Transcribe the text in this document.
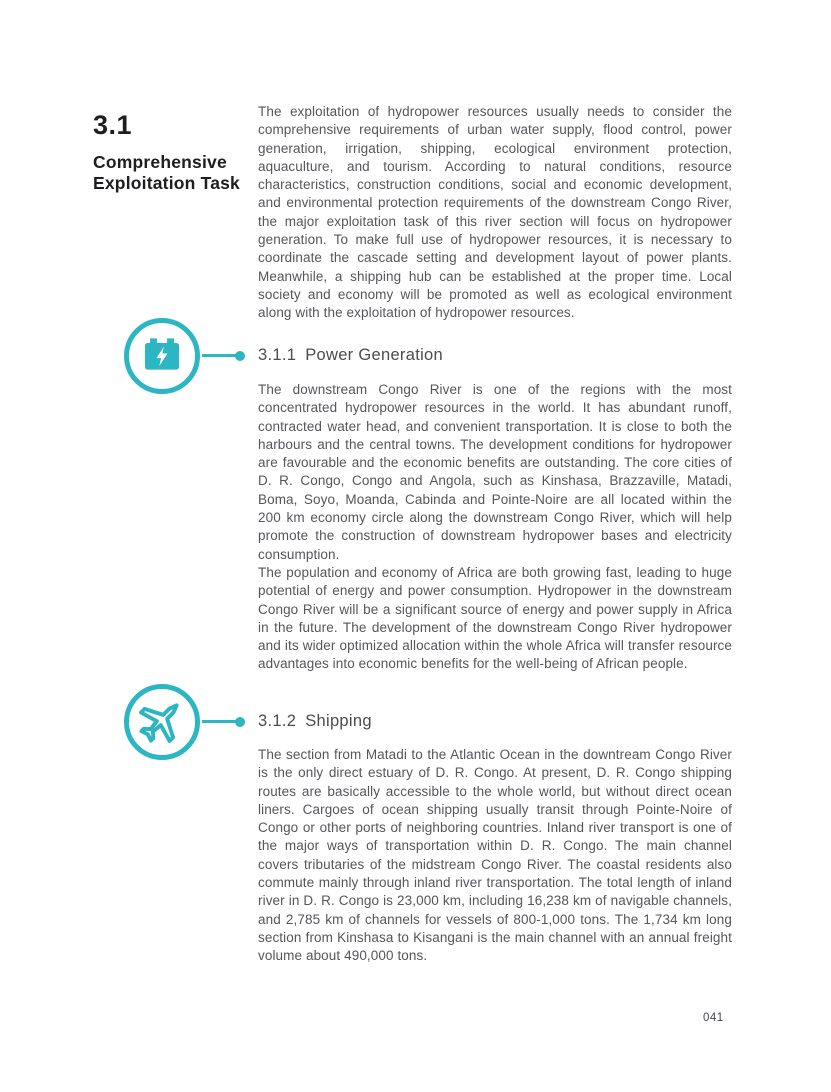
3.1
Comprehensive Exploitation Task
The exploitation of hydropower resources usually needs to consider the comprehensive requirements of urban water supply, flood control, power generation, irrigation, shipping, ecological environment protection, aquaculture, and tourism. According to natural conditions, resource characteristics, construction conditions, social and economic development, and environmental protection requirements of the downstream Congo River, the major exploitation task of this river section will focus on hydropower generation. To make full use of hydropower resources, it is necessary to coordinate the cascade setting and development layout of power plants. Meanwhile, a shipping hub can be established at the proper time. Local society and economy will be promoted as well as ecological environment along with the exploitation of hydropower resources.
3.1.1 Power Generation
The downstream Congo River is one of the regions with the most concentrated hydropower resources in the world. It has abundant runoff, contracted water head, and convenient transportation. It is close to both the harbours and the central towns. The development conditions for hydropower are favourable and the economic benefits are outstanding. The core cities of D. R. Congo, Congo and Angola, such as Kinshasa, Brazzaville, Matadi, Boma, Soyo, Moanda, Cabinda and Pointe-Noire are all located within the 200 km economy circle along the downstream Congo River, which will help promote the construction of downstream hydropower bases and electricity consumption.
The population and economy of Africa are both growing fast, leading to huge potential of energy and power consumption. Hydropower in the downstream Congo River will be a significant source of energy and power supply in Africa in the future. The development of the downstream Congo River hydropower and its wider optimized allocation within the whole Africa will transfer resource advantages into economic benefits for the well-being of African people.
3.1.2 Shipping
The section from Matadi to the Atlantic Ocean in the downtream Congo River is the only direct estuary of D. R. Congo. At present, D. R. Congo shipping routes are basically accessible to the whole world, but without direct ocean liners. Cargoes of ocean shipping usually transit through Pointe-Noire of Congo or other ports of neighboring countries. Inland river transport is one of the major ways of transportation within D. R. Congo. The main channel covers tributaries of the midstream Congo River. The coastal residents also commute mainly through inland river transportation. The total length of inland river in D. R. Congo is 23,000 km, including 16,238 km of navigable channels, and 2,785 km of channels for vessels of 800-1,000 tons. The 1,734 km long section from Kinshasa to Kisangani is the main channel with an annual freight volume about 490,000 tons.
041
